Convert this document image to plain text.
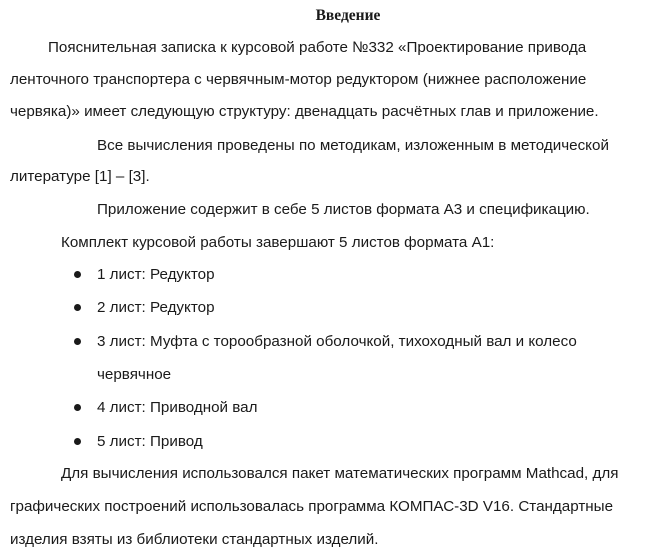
Введение
Пояснительная записка к курсовой работе №332 «Проектирование привода
ленточного транспортера с червячным-мотор редуктором (нижнее расположение
червяка)» имеет следующую структуру: двенадцать расчётных глав и приложение.
Все вычисления проведены по методикам, изложенным в методической
литературе [1] – [3].
Приложение содержит в себе 5 листов формата А3 и спецификацию.
Комплект курсовой работы завершают 5 листов формата А1:
1 лист: Редуктор
2 лист: Редуктор
3 лист: Муфта с торообразной оболочкой, тихоходный вал и колесо
червячное
4 лист: Приводной вал
5 лист: Привод
Для вычисления использовался пакет математических программ Mathcad, для
графических построений использовалась программа КОМПАС-3D V16. Стандартные
изделия взяты из библиотеки стандартных изделий.
